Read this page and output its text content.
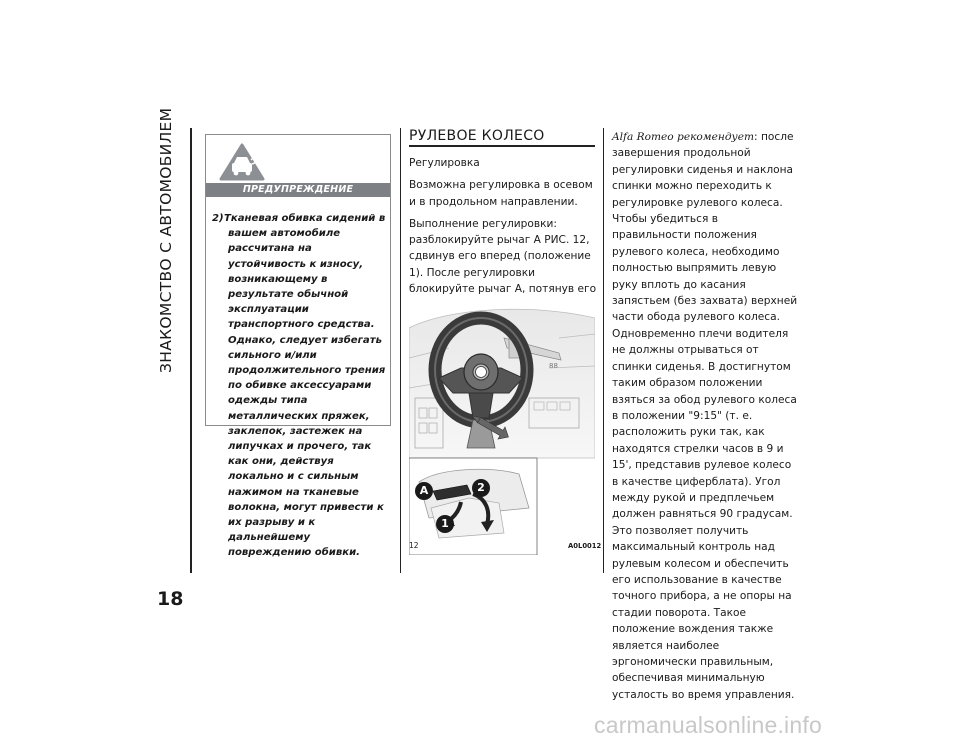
ЗНАКОМСТВО С АВТОМОБИЛЕМ
18
ПРЕДУПРЕЖДЕНИЕ
2) Тканевая обивка сидений в вашем автомобиле рассчитана на устойчивость к износу, возникающему в результате обычной эксплуатации транспортного средства. Однако, следует избегать сильного и/или продолжительного трения по обивке аксессуарами одежды типа металлических пряжек, заклепок, застежек на липучках и прочего, так как они, действуя локально и с сильным нажимом на тканевые волокна, могут привести к их разрыву и к дальнейшему повреждению обивки.
РУЛЕВОЕ КОЛЕСО

Регулировка

Возможна регулировка в осевом и в продольном направлении.

Выполнение регулировки: разблокируйте рычаг A РИС. 12, сдвинув его вперед (положение 1). После регулировки блокируйте рычаг A, потянув его

88
A	2
1
12	A0L0012
Alfa Romeo рекомендует: после завершения продольной регулировки сиденья и наклона спинки можно переходить к регулировке рулевого колеса. Чтобы убедиться в правильности положения рулевого колеса, необходимо полностью выпрямить левую руку вплоть до касания запястьем (без захвата) верхней части обода рулевого колеса. Одновременно плечи водителя не должны отрываться от спинки сиденья. В достигнутом таким образом положении взяться за обод рулевого колеса в положении "9:15" (т. е. расположить руки так, как находятся стрелки часов в 9 и 15', представив рулевое колесо в качестве циферблата). Угол между рукой и предплечьем должен равняться 90 градусам. Это позволяет получить максимальный контроль над рулевым колесом и обеспечить его использование в качестве точного прибора, а не опоры на стадии поворота. Такое положение вождения также является наиболее эргономически правильным, обеспечивая минимальную усталость во время управления.
carmanualsonline.info
